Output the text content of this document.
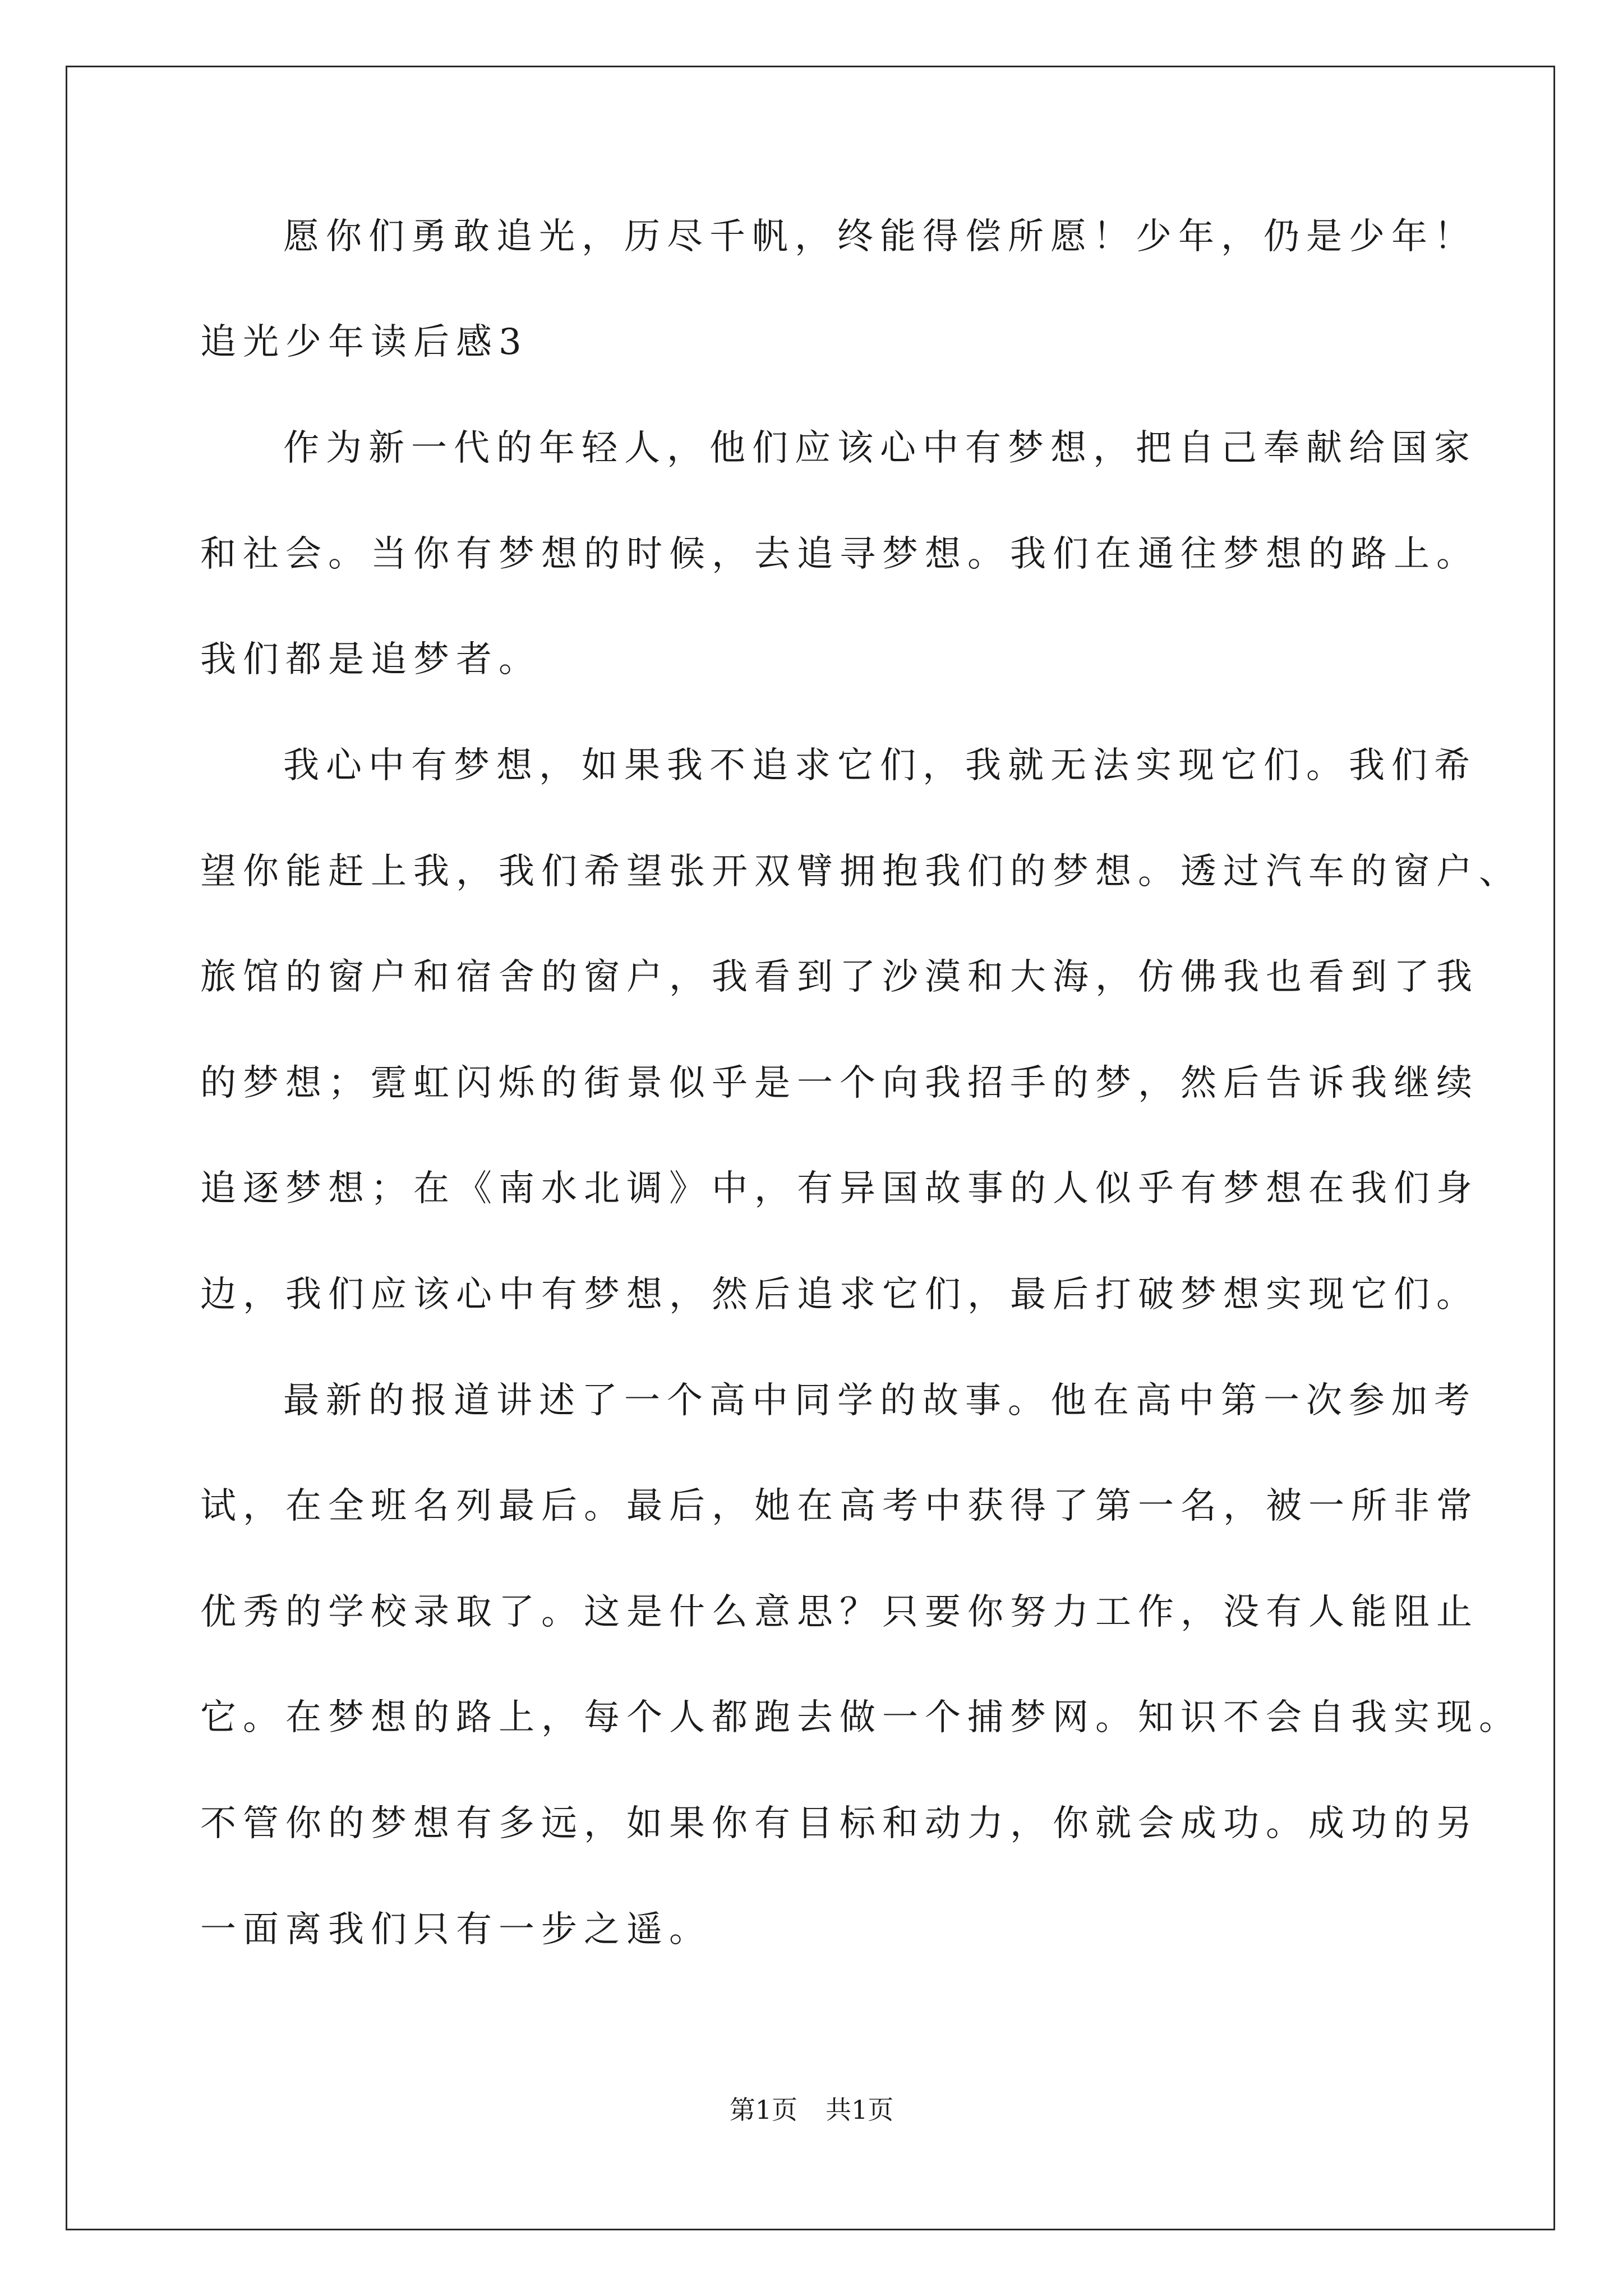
愿你们勇敢追光，历尽千帆，终能得偿所愿！少年，仍是少年！

追光少年读后感3

作为新一代的年轻人，他们应该心中有梦想，把自己奉献给国家

和社会。当你有梦想的时候，去追寻梦想。我们在通往梦想的路上。

我们都是追梦者。

我心中有梦想，如果我不追求它们，我就无法实现它们。我们希

望你能赶上我，我们希望张开双臂拥抱我们的梦想。透过汽车的窗户、

旅馆的窗户和宿舍的窗户，我看到了沙漠和大海，仿佛我也看到了我

的梦想；霓虹闪烁的街景似乎是一个向我招手的梦，然后告诉我继续

追逐梦想；在《南水北调》中，有异国故事的人似乎有梦想在我们身

边，我们应该心中有梦想，然后追求它们，最后打破梦想实现它们。

最新的报道讲述了一个高中同学的故事。他在高中第一次参加考

试，在全班名列最后。最后，她在高考中获得了第一名，被一所非常

优秀的学校录取了。这是什么意思？只要你努力工作，没有人能阻止

它。在梦想的路上，每个人都跑去做一个捕梦网。知识不会自我实现。

不管你的梦想有多远，如果你有目标和动力，你就会成功。成功的另

一面离我们只有一步之遥。

第1页 共1页
